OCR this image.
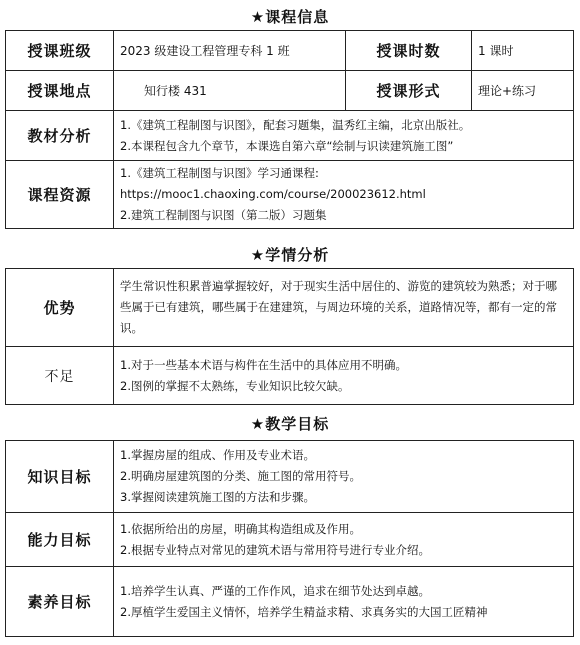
★课程信息
授课班级	2023 级建设工程管理专科 1 班	授课时数	1 课时
授课地点	知行楼 431	授课形式	理论+练习
教材分析	1.《建筑工程制图与识图》，配套习题集，温秀红主编，北京出版社。
2.本课程包含九个章节，本课选自第六章“绘制与识读建筑施工图”		

课程资源	1.《建筑工程制图与识图》学习通课程:
https://mooc1.chaoxing.com/course/200023612.html
2.建筑工程制图与识图（第二版）习题集		
★学情分析
优势	学生常识性积累普遍掌握较好，对于现实生活中居住的、游览的建筑较为熟悉；对于哪些属于已有建筑，哪些属于在建建筑，与周边环境的关系，道路情况等，都有一定的常识。

不足	1.对于一些基本术语与构件在生活中的具体应用不明确。
2.图例的掌握不太熟练，专业知识比较欠缺。
★教学目标
知识目标	1.掌握房屋的组成、作用及专业术语。
2.明确房屋建筑图的分类、施工图的常用符号。
3.掌握阅读建筑施工图的方法和步骤。

能力目标	1.依据所给出的房屋，明确其构造组成及作用。
2.根据专业特点对常见的建筑术语与常用符号进行专业介绍。

素养目标	1.培养学生认真、严谨的工作作风，追求在细节处达到卓越。
2.厚植学生爱国主义情怀，培养学生精益求精、求真务实的大国工匠精神
